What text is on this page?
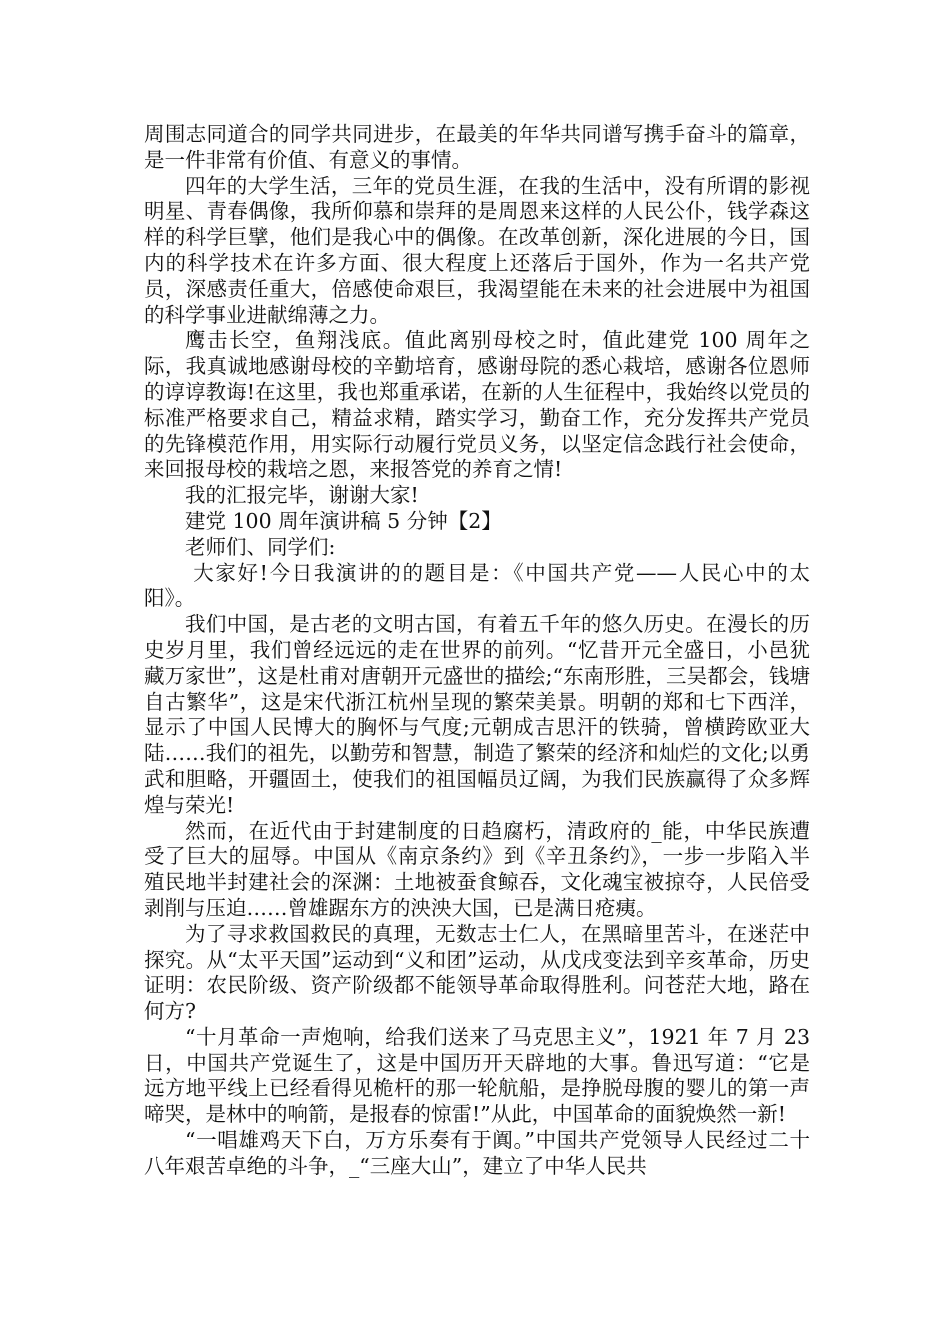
周围志同道合的同学共同进步，在最美的年华共同谱写携手奋斗的篇章，是一件非常有价值、有意义的事情。

四年的大学生活，三年的党员生涯，在我的生活中，没有所谓的影视明星、青春偶像，我所仰慕和崇拜的是周恩来这样的人民公仆，钱学森这样的科学巨擘，他们是我心中的偶像。在改革创新，深化进展的今日，国内的科学技术在许多方面、很大程度上还落后于国外，作为一名共产党员，深感责任重大，倍感使命艰巨，我渴望能在未来的社会进展中为祖国的科学事业进献绵薄之力。

鹰击长空，鱼翔浅底。值此离别母校之时，值此建党 100 周年之际，我真诚地感谢母校的辛勤培育，感谢母院的悉心栽培，感谢各位恩师的谆谆教诲!在这里，我也郑重承诺，在新的人生征程中，我始终以党员的标准严格要求自己，精益求精，踏实学习，勤奋工作，充分发挥共产党员的先锋模范作用，用实际行动履行党员义务，以坚定信念践行社会使命，来回报母校的栽培之恩，来报答党的养育之情!

我的汇报完毕，谢谢大家!

建党 100 周年演讲稿 5 分钟【2】

老师们、同学们:

大家好!今日我演讲的的题目是：《中国共产党——人民心中的太阳》。

我们中国，是古老的文明古国，有着五千年的悠久历史。在漫长的历史岁月里，我们曾经远远的走在世界的前列。“忆昔开元全盛日，小邑犹藏万家世”，这是杜甫对唐朝开元盛世的描绘;“东南形胜，三吴都会，钱塘自古繁华”，这是宋代浙江杭州呈现的繁荣美景。明朝的郑和七下西洋，显示了中国人民博大的胸怀与气度;元朝成吉思汗的铁骑，曾横跨欧亚大陆……我们的祖先，以勤劳和智慧，制造了繁荣的经济和灿烂的文化;以勇武和胆略，开疆固土，使我们的祖国幅员辽阔，为我们民族赢得了众多辉煌与荣光!

然而，在近代由于封建制度的日趋腐朽，清政府的_能，中华民族遭受了巨大的屈辱。中国从《南京条约》到《辛丑条约》，一步一步陷入半殖民地半封建社会的深渊：土地被蚕食鲸吞，文化魂宝被掠夺，人民倍受剥削与压迫……曾雄踞东方的泱泱大国，已是满日疮痍。

为了寻求救国救民的真理，无数志士仁人，在黑暗里苦斗，在迷茫中探究。从“太平天国”运动到“义和团”运动，从戊戌变法到辛亥革命，历史证明：农民阶级、资产阶级都不能领导革命取得胜利。问苍茫大地，路在何方?

“十月革命一声炮响，给我们送来了马克思主义”，1921 年 7 月 23 日，中国共产党诞生了，这是中国历开天辟地的大事。鲁迅写道：“它是远方地平线上已经看得见桅杆的那一轮航船，是挣脱母腹的婴儿的第一声啼哭，是林中的响箭，是报春的惊雷!”从此，中国革命的面貌焕然一新!

“一唱雄鸡天下白，万方乐奏有于阗。”中国共产党领导人民经过二十八年艰苦卓绝的斗争，_“三座大山”，建立了中华人民共
